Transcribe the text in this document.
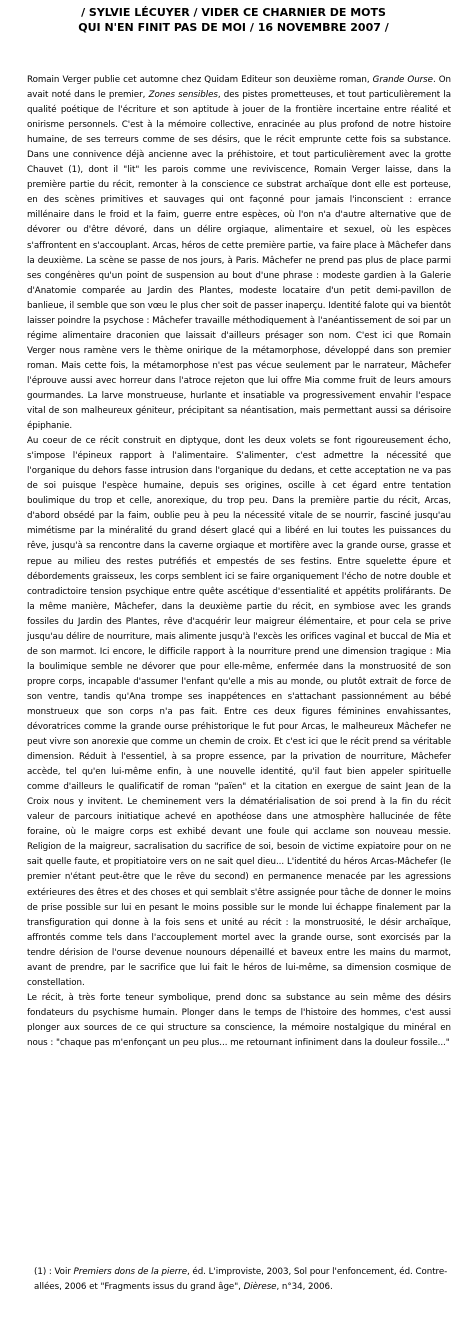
/ SYLVIE LÉCUYER / VIDER CE CHARNIER DE MOTS
QUI N'EN FINIT PAS DE MOI / 16 NOVEMBRE 2007 /

Romain Verger publie cet automne chez Quidam Editeur son deuxième roman, Grande Ourse. On avait noté dans le premier, Zones sensibles, des pistes prometteuses, et tout particulièrement la qualité poétique de l'écriture et son aptitude à jouer de la frontière incertaine entre réalité et onirisme personnels. C'est à la mémoire collective, enracinée au plus profond de notre histoire humaine, de ses terreurs comme de ses désirs, que le récit emprunte cette fois sa substance. Dans une connivence déjà ancienne avec la préhistoire, et tout particulièrement avec la grotte Chauvet (1), dont il "lit" les parois comme une reviviscence, Romain Verger laisse, dans la première partie du récit, remonter à la conscience ce substrat archaïque dont elle est porteuse, en des scènes primitives et sauvages qui ont façonné pour jamais l'inconscient : errance millénaire dans le froid et la faim, guerre entre espèces, où l'on n'a d'autre alternative que de dévorer ou d'être dévoré, dans un délire orgiaque, alimentaire et sexuel, où les espèces s'affrontent en s'accouplant. Arcas, héros de cette première partie, va faire place à Mâchefer dans la deuxième. La scène se passe de nos jours, à Paris. Mâchefer ne prend pas plus de place parmi ses congénères qu'un point de suspension au bout d'une phrase : modeste gardien à la Galerie d'Anatomie comparée au Jardin des Plantes, modeste locataire d'un petit demi-pavillon de banlieue, il semble que son vœu le plus cher soit de passer inaperçu. Identité falote qui va bientôt laisser poindre la psychose : Mâchefer travaille méthodiquement à l'anéantissement de soi par un régime alimentaire draconien que laissait d'ailleurs présager son nom. C'est ici que Romain Verger nous ramène vers le thème onirique de la métamorphose, développé dans son premier roman. Mais cette fois, la métamorphose n'est pas vécue seulement par le narrateur, Mâchefer l'éprouve aussi avec horreur dans l'atroce rejeton que lui offre Mia comme fruit de leurs amours gourmandes. La larve monstrueuse, hurlante et insatiable va progressivement envahir l'espace vital de son malheureux géniteur, précipitant sa néantisation, mais permettant aussi sa dérisoire épiphanie.

Au coeur de ce récit construit en diptyque, dont les deux volets se font rigoureusement écho, s'impose l'épineux rapport à l'alimentaire. S'alimenter, c'est admettre la nécessité que l'organique du dehors fasse intrusion dans l'organique du dedans, et cette acceptation ne va pas de soi puisque l'espèce humaine, depuis ses origines, oscille à cet égard entre tentation boulimique du trop et celle, anorexique, du trop peu. Dans la première partie du récit, Arcas, d'abord obsédé par la faim, oublie peu à peu la nécessité vitale de se nourrir, fasciné jusqu'au mimétisme par la minéralité du grand désert glacé qui a libéré en lui toutes les puissances du rêve, jusqu'à sa rencontre dans la caverne orgiaque et mortifère avec la grande ourse, grasse et repue au milieu des restes putréfiés et empestés de ses festins. Entre squelette épure et débordements graisseux, les corps semblent ici se faire organiquement l'écho de notre double et contradictoire tension psychique entre quête ascétique d'essentialité et appétits prolifárants. De la même manière, Mâchefer, dans la deuxième partie du récit, en symbiose avec les grands fossiles du Jardin des Plantes, rêve d'acquérir leur maigreur élémentaire, et pour cela se prive jusqu'au délire de nourriture, mais alimente jusqu'à l'excès les orifices vaginal et buccal de Mia et de son marmot. Ici encore, le difficile rapport à la nourriture prend une dimension tragique : Mia la boulimique semble ne dévorer que pour elle-même, enfermée dans la monstruosité de son propre corps, incapable d'assumer l'enfant qu'elle a mis au monde, ou plutôt extrait de force de son ventre, tandis qu'Ana trompe ses inappétences en s'attachant passionnément au bébé monstrueux que son corps n'a pas fait. Entre ces deux figures féminines envahissantes, dévoratrices comme la grande ourse préhistorique le fut pour Arcas, le malheureux Mâchefer ne peut vivre son anorexie que comme un chemin de croix. Et c'est ici que le récit prend sa véritable dimension. Réduit à l'essentiel, à sa propre essence, par la privation de nourriture, Mâchefer accède, tel qu'en lui-même enfin, à une nouvelle identité, qu'il faut bien appeler spirituelle comme d'ailleurs le qualificatif de roman "païen" et la citation en exergue de saint Jean de la Croix nous y invitent. Le cheminement vers la dématérialisation de soi prend à la fin du récit valeur de parcours initiatique achevé en apothéose dans une atmosphère hallucinée de fête foraine, où le maigre corps est exhibé devant une foule qui acclame son nouveau messie. Religion de la maigreur, sacralisation du sacrifice de soi, besoin de victime expiatoire pour on ne sait quelle faute, et propitiatoire vers on ne sait quel dieu... L'identité du héros Arcas-Mâchefer (le premier n'étant peut-être que le rêve du second) en permanence menacée par les agressions extérieures des êtres et des choses et qui semblait s'être assignée pour tâche de donner le moins de prise possible sur lui en pesant le moins possible sur le monde lui échappe finalement par la transfiguration qui donne à la fois sens et unité au récit : la monstruosité, le désir archaïque, affrontés comme tels dans l'accouplement mortel avec la grande ourse, sont exorcisés par la tendre dérision de l'ourse devenue nounours dépenaillé et baveux entre les mains du marmot, avant de prendre, par le sacrifice que lui fait le héros de lui-même, sa dimension cosmique de constellation.

Le récit, à très forte teneur symbolique, prend donc sa substance au sein même des désirs fondateurs du psychisme humain. Plonger dans le temps de l'histoire des hommes, c'est aussi plonger aux sources de ce qui structure sa conscience, la mémoire nostalgique du minéral en nous : "chaque pas m'enfonçant un peu plus... me retournant infiniment dans la douleur fossile..."

(1) : Voir Premiers dons de la pierre, éd. L'improviste, 2003, Sol pour l'enfoncement, éd. Contre-allées, 2006 et "Fragments issus du grand âge", Dièrese, n°34, 2006.
